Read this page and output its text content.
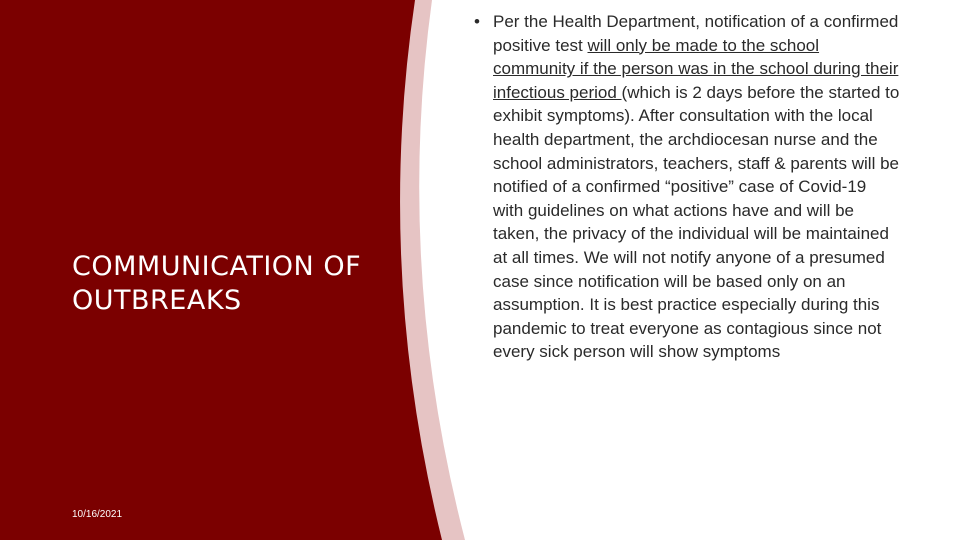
COMMUNICATION OF OUTBREAKS
10/16/2021
• Per the Health Department, notification of a confirmed positive test will only be made to the school community if the person was in the school during their infectious period (which is 2 days before the started to exhibit symptoms). After consultation with the local health department, the archdiocesan nurse and the school administrators, teachers, staff & parents will be notified of a confirmed “positive” case of Covid-19 with guidelines on what actions have and will be taken, the privacy of the individual will be maintained at all times. We will not notify anyone of a presumed case since notification will be based only on an assumption. It is best practice especially during this pandemic to treat everyone as contagious since not every sick person will show symptoms
